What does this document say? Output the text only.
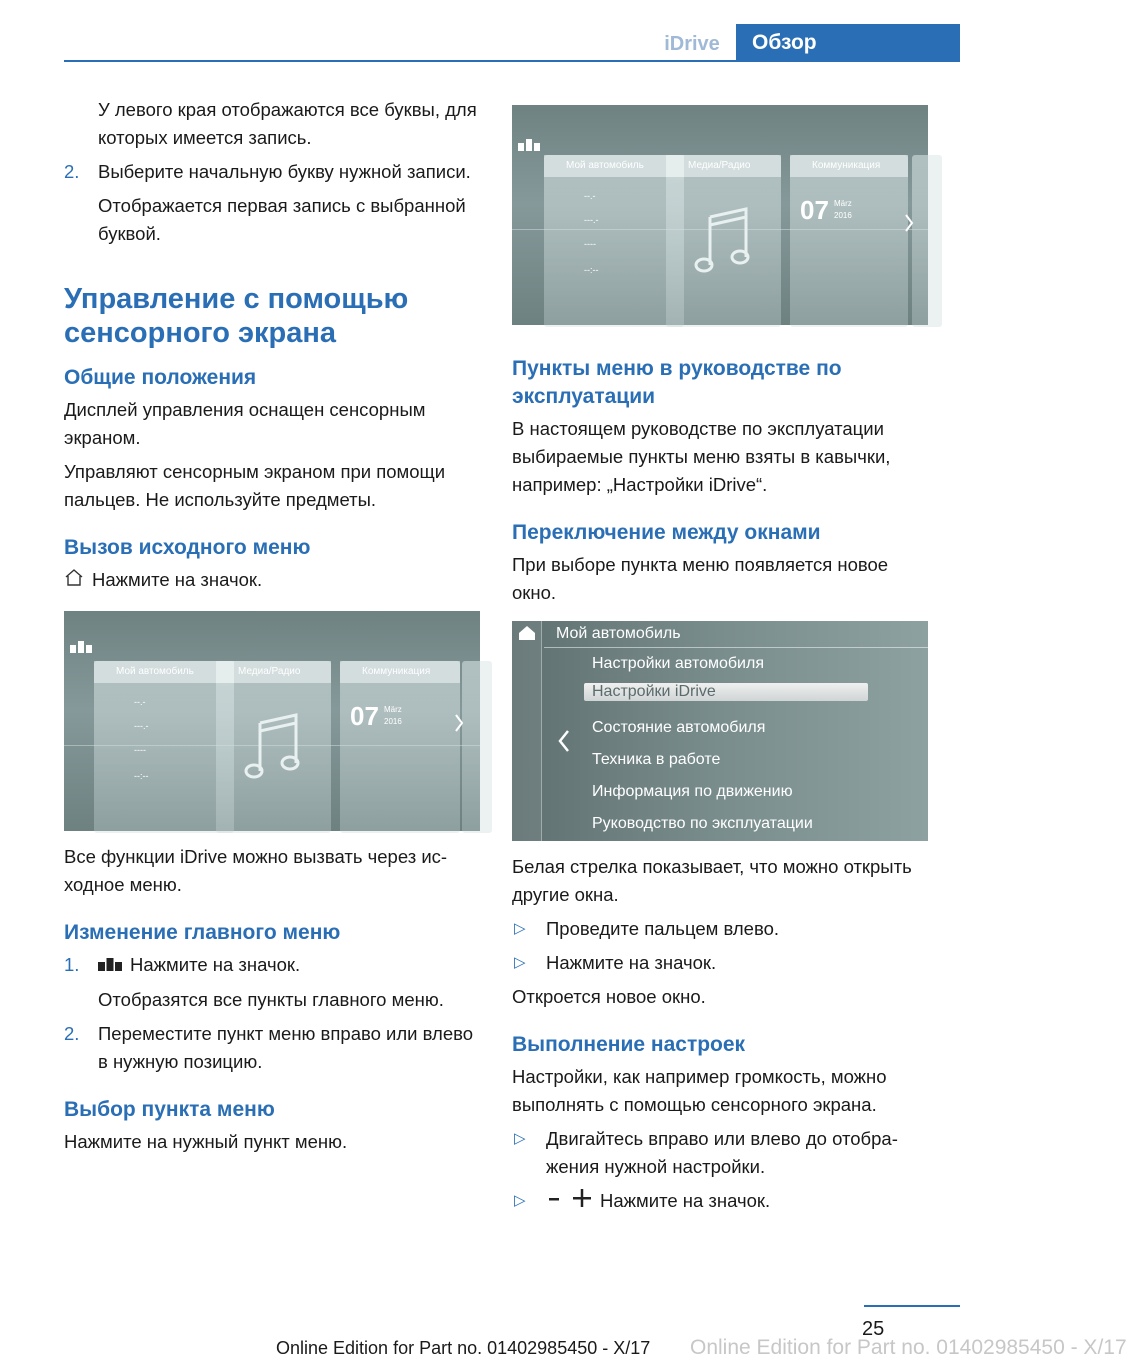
iDrive	Обзор

У левого края отображаются все буквы, для которых имеется запись.

2. Выберите начальную букву нужной записи.

Отображается первая запись с выбранной буквой.

Управление с помощью сенсорного экрана
Общие положения

Дисплей управления оснащен сенсорным экраном.

Управляют сенсорным экраном при помощи пальцев. Не используйте предметы.

Вызов исходного меню

Нажмите на значок.

Мой автомобиль
--.-
---.-
----
--:--
Медиа/Радио	Коммуникация
07 März
2016

Все функции iDrive можно вызвать через исходное меню.

Изменение главного меню
1.	Нажмите на значок.

Отобразятся все пункты главного меню.

2. Переместите пункт меню вправо или влево в нужную позицию.
Выбор пункта меню

Нажмите на нужный пункт меню.

Мой автомобиль
--.-
---.-
----
--:--
Медиа/Радио	Коммуникация
07 März
2016
Пункты меню в руководстве по эксплуатации

В настоящем руководстве по эксплуатации выбираемые пункты меню взяты в кавычки, например: „Настройки iDrive“.

Переключение между окнами

При выборе пункта меню появляется новое окно.

Мой автомобиль
Настройки автомобиля
Настройки iDrive
Состояние автомобиля
Техника в работе
Информация по движению
Руководство по эксплуатации

Белая стрелка показывает, что можно открыть другие окна.

▷ Проведите пальцем влево.
▷ Нажмите на значок.

Откроется новое окно.

Выполнение настроек

Настройки, как например громкость, можно выполнять с помощью сенсорного экрана.

▷ Двигайтесь вправо или влево до отображения нужной настройки.
▷	Нажмите на значок.
25
Online Edition for Part no. 01402985450 - X/17 Online Edition for Part no. 01402985450 - X/17
